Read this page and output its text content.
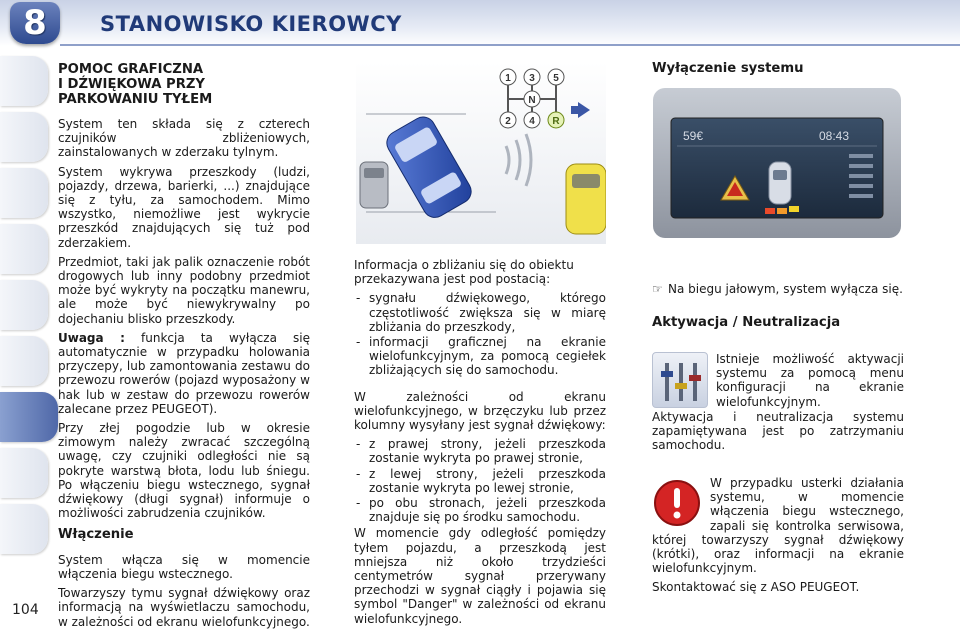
8	STANOWISKO KIEROWCY
104
POMOC GRAFICZNA
I DŹWIĘKOWA PRZY
PARKOWANIU TYŁEM

System ten składa się z czterech czujników zbliżeniowych, zainstalowanych w zderzaku tylnym.

System wykrywa przeszkody (ludzi, pojazdy, drzewa, barierki, ...) znajdujące się z tyłu, za samochodem. Mimo wszystko, niemożliwe jest wykrycie przeszkód znajdujących się tuż pod zderzakiem.

Przedmiot, taki jak palik oznaczenie robót drogowych lub inny podobny przedmiot może być wykryty na początku manewru, ale może być niewykrywalny po dojechaniu blisko przeszkody.

Uwaga : funkcja ta wyłącza się automatycznie w przypadku holowania przyczepy, lub zamontowania zestawu do przewozu rowerów (pojazd wyposażony w hak lub w zestaw do przewozu rowerów zalecane przez PEUGEOT).

Przy złej pogodzie lub w okresie zimowym należy zwracać szczególną uwagę, czy czujniki odległości nie są pokryte warstwą błota, lodu lub śniegu. Po włączeniu biegu wstecznego, sygnał dźwiękowy (długi sygnał) informuje o możliwości zabrudzenia czujników.

Włączenie

System włącza się w momencie włączenia biegu wstecznego.

Towarzyszy tymu sygnał dźwiękowy oraz informacją na wyświetlaczu samochodu, w zależności od ekranu wielofunkcyjnego.

1 3 5
N
2 4 R

Informacja o zbliżaniu się do obiektu przekazywana jest pod postacią:

- sygnału dźwiękowego, którego częstotliwość zwiększa się w miarę zbliżania do przeszkody,
- informacji graficznej na ekranie wielofunkcyjnym, za pomocą cegiełek zbliżających się do samochodu.

W zależności od ekranu wielofunkcyjnego, w brzęczyku lub przez kolumny wysyłany jest sygnał dźwiękowy:

- z prawej strony, jeżeli przeszkoda zostanie wykryta po prawej stronie,
- z lewej strony, jeżeli przeszkoda zostanie wykryta po lewej stronie,
- po obu stronach, jeżeli przeszkoda znajduje się po środku samochodu.

W momencie gdy odległość pomiędzy tyłem pojazdu, a przeszkodą jest mniejsza niż około trzydzieści centymetrów sygnał przerywany przechodzi w sygnał ciągły i pojawia się symbol "Danger" w zależności od ekranu wielofunkcyjnego.

Wyłączenie systemu
59€	08:43

☞ Na biegu jałowym, system wyłącza się.

Aktywacja / Neutralizacja

Istnieje możliwość aktywacji systemu za pomocą menu konfiguracji na ekranie wielofunkcyjnym.

Aktywacja i neutralizacja systemu zapamiętywana jest po zatrzymaniu samochodu.

W przypadku usterki działania systemu, w momencie włączenia biegu wstecznego, zapali się kontrolka serwisowa, której towarzyszy sygnał dźwiękowy (krótki), oraz informacji na ekranie wielofunkcyjnym.

Skontaktować się z ASO PEUGEOT.
